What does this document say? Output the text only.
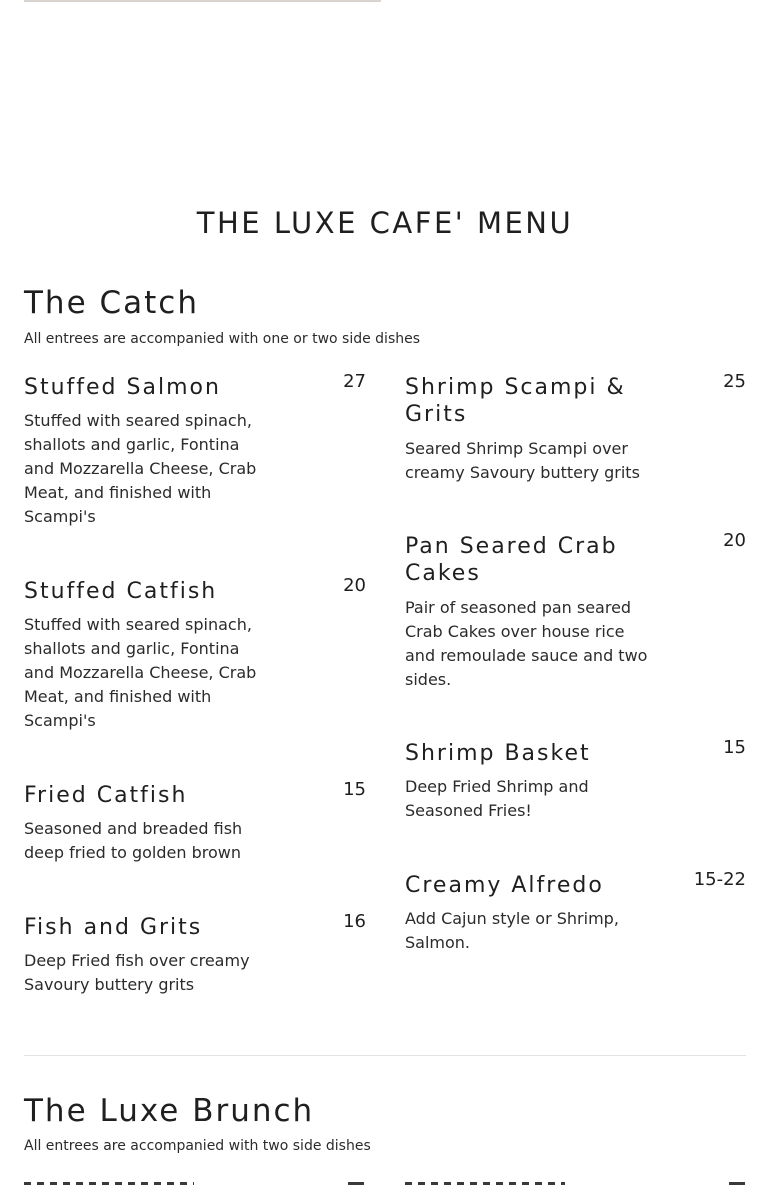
THE LUXE CAFE' MENU
The Catch
All entrees are accompanied with one or two side dishes
Stuffed Salmon	27
Stuffed with seared spinach, shallots and garlic, Fontina and Mozzarella Cheese, Crab Meat, and finished with Scampi's
Stuffed Catfish	20
Stuffed with seared spinach, shallots and garlic, Fontina and Mozzarella Cheese, Crab Meat, and finished with Scampi's
Fried Catfish	15
Seasoned and breaded fish deep fried to golden brown
Fish and Grits	16
Deep Fried fish over creamy Savoury buttery grits
Shrimp Scampi & Grits
25
Seared Shrimp Scampi over creamy Savoury buttery grits
Pan Seared Crab Cakes
20
Pair of seasoned pan seared Crab Cakes over house rice and remoulade sauce and two sides.
Shrimp Basket	15
Deep Fried Shrimp and Seasoned Fries!
Creamy Alfredo	15-22
Add Cajun style or Shrimp, Salmon.
The Luxe Brunch
All entrees are accompanied with two side dishes
